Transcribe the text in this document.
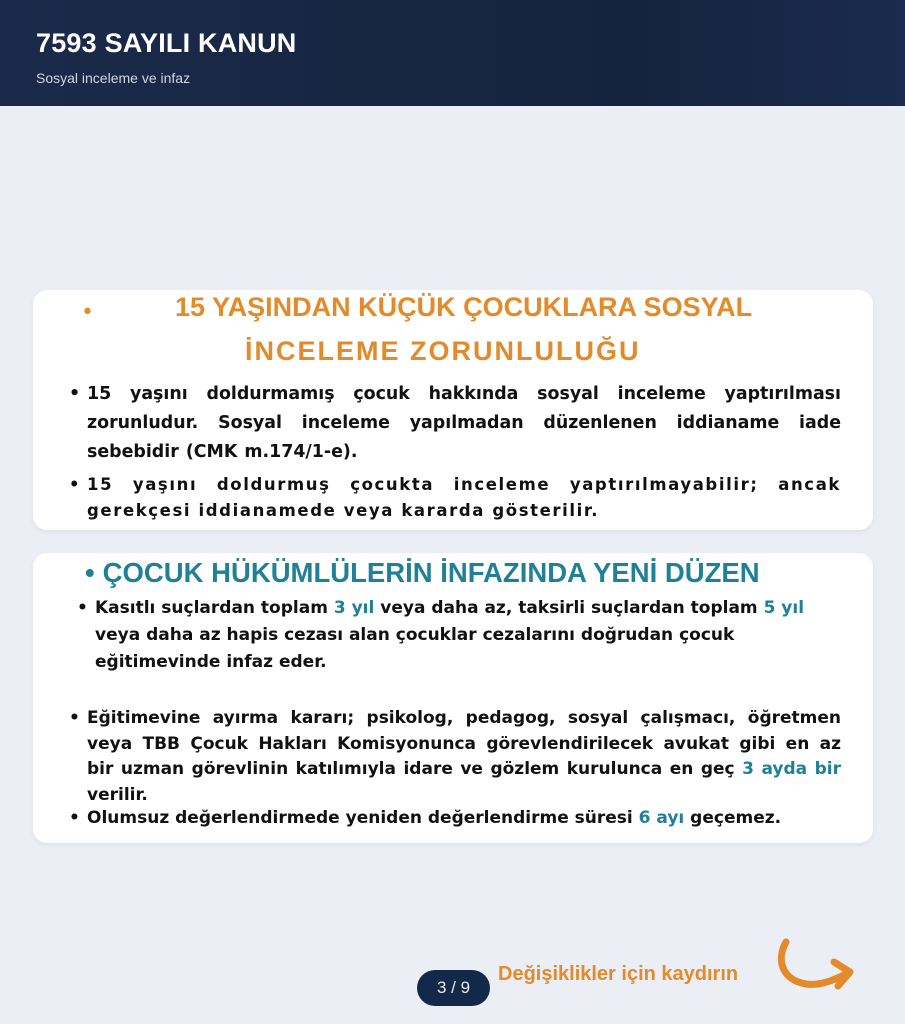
7593 SAYILI KANUN
Sosyal inceleme ve infaz
•	15 YAŞINDAN KÜÇÜK ÇOCUKLARA SOSYAL
İNCELEME ZORUNLULUĞU
• 15 yaşını doldurmamış çocuk hakkında sosyal inceleme yaptırılması zorunludur. Sosyal inceleme yapılmadan düzenlenen iddianame iade sebebidir (CMK m.174/1-e).
• 15 yaşını doldurmuş çocukta inceleme yaptırılmayabilir; ancak gerekçesi iddianamede veya kararda gösterilir.
• ÇOCUK HÜKÜMLÜLERİN İNFAZINDA YENİ DÜZEN
• Kasıtlı suçlardan toplam 3 yıl veya daha az, taksirli suçlardan toplam 5 yıl veya daha az hapis cezası alan çocuklar cezalarını doğrudan çocuk eğitimevinde infaz eder.
• Eğitimevine ayırma kararı; psikolog, pedagog, sosyal çalışmacı, öğretmen veya TBB Çocuk Hakları Komisyonunca görevlendirilecek avukat gibi en az bir uzman görevlinin katılımıyla idare ve gözlem kurulunca en geç 3 ayda bir verilir.
• Olumsuz değerlendirmede yeniden değerlendirme süresi 6 ayı geçemez.
3 / 9
Değişiklikler için kaydırın
